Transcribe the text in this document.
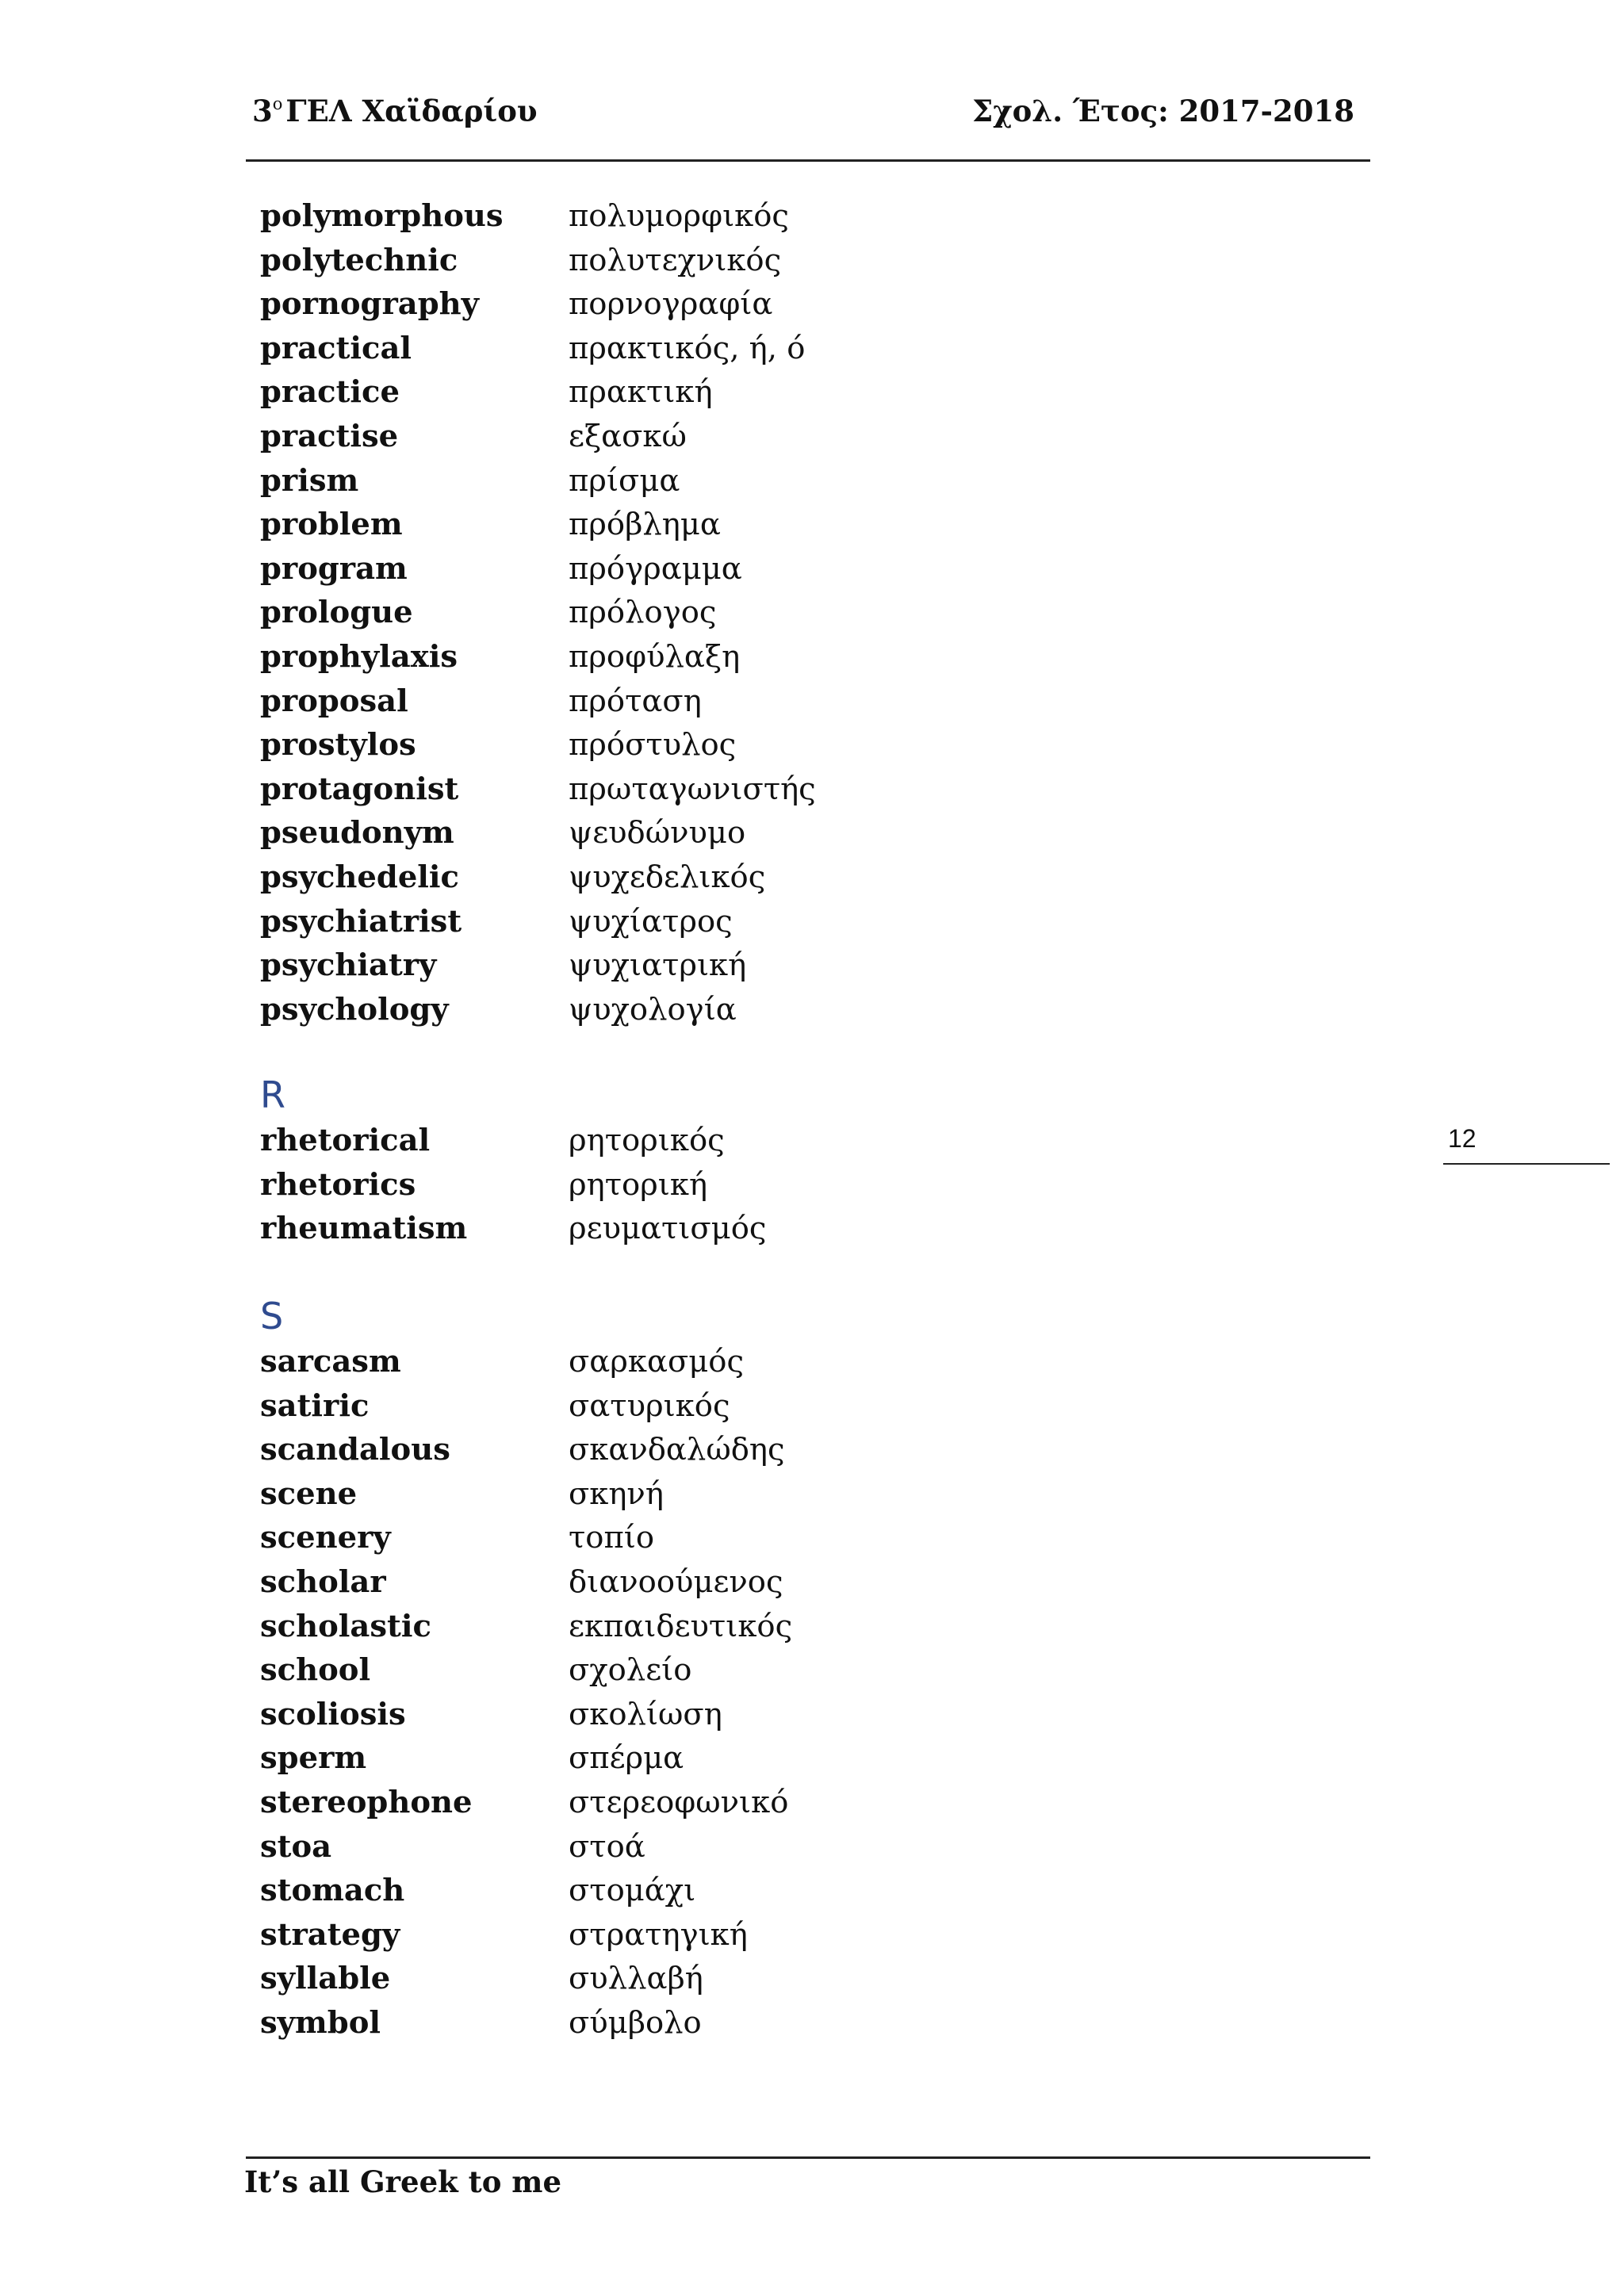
$3^o$ ΓΕΛ Χαϊδαρίου	Σχολ. Έτος: 2017-2018
12
polymorphous πολυμορφικός
polytechnic	πολυτεχνικός
pornography	πορνογραφία
practical	πρακτικός, ή, ό
practice	πρακτική
practise	εξασκώ
prism	πρίσμα
problem	πρόβλημα
program	πρόγραμμα
prologue	πρόλογος
prophylaxis	προφύλαξη
proposal	πρόταση
prostylos	πρόστυλος
protagonist	πρωταγωνιστής
pseudonym	ψευδώνυμο
psychedelic	ψυχεδελικός
psychiatrist	ψυχίατρος
psychiatry	ψυχιατρική
psychology	ψυχολογία
R
rhetorical	ρητορικός
rhetorics	ρητορική
rheumatism	ρευματισμός
S
sarcasm	σαρκασμός
satiric	σατυρικός
scandalous	σκανδαλώδης
scene	σκηνή
scenery	τοπίο
scholar	διανοούμενος
scholastic	εκπαιδευτικός
school	σχολείο
scoliosis	σκολίωση
sperm	σπέρμα
stereophone	στερεοφωνικό
stoa	στοά
stomach	στομάχι
strategy	στρατηγική
syllable	συλλαβή
symbol	σύμβολο
It’s all Greek to me
